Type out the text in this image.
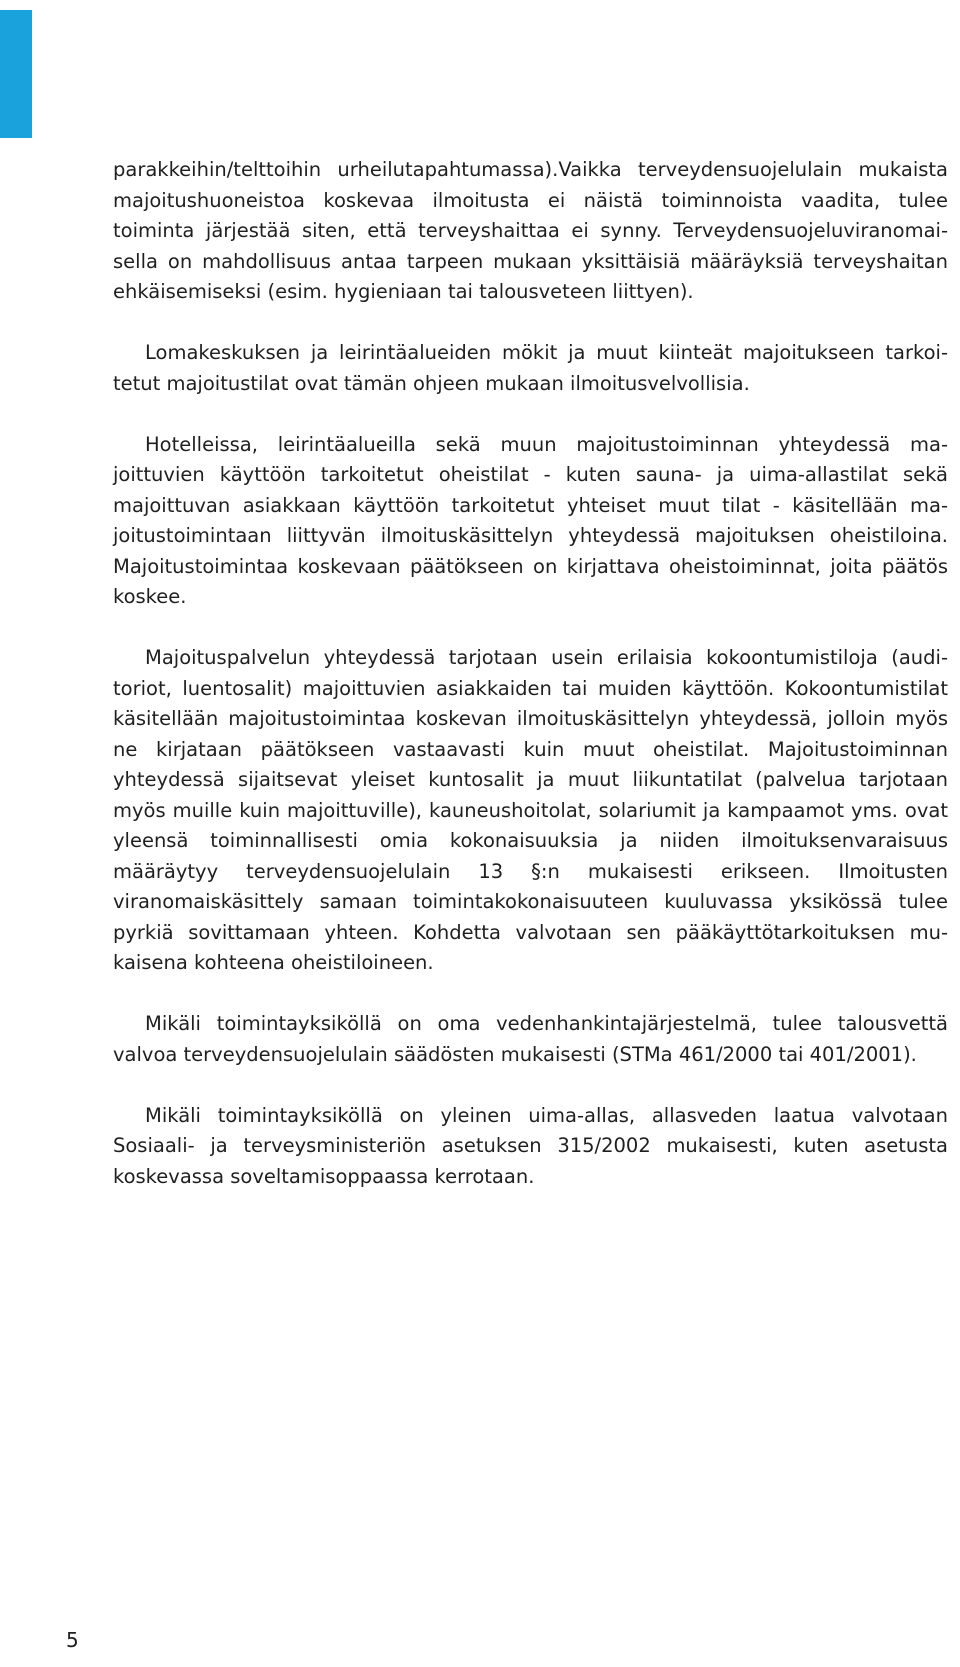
parakkeihin/telttoihin urheilutapahtumassa).Vaikka terveydensuojelulain mukaista majoitushuoneistoa koskevaa ilmoitusta ei näistä toiminnoista vaadita, tulee toiminta järjestää siten, että terveyshaittaa ei synny. Terveydensuojeluviranomaisella on mahdollisuus antaa tarpeen mukaan yksittäisiä määräyksiä terveyshaitan ehkäisemiseksi (esim. hygieniaan tai talousveteen liittyen).

Lomakeskuksen ja leirintäalueiden mökit ja muut kiinteät majoitukseen tarkoitetut majoitustilat ovat tämän ohjeen mukaan ilmoitusvelvollisia.

Hotelleissa, leirintäalueilla sekä muun majoitustoiminnan yhteydessä majoittuvien käyttöön tarkoitetut oheistilat - kuten sauna- ja uima-allastilat sekä majoittuvan asiakkaan käyttöön tarkoitetut yhteiset muut tilat - käsitellään majoitustoimintaan liittyvän ilmoituskäsittelyn yhteydessä majoituksen oheistiloina. Majoitustoimintaa koskevaan päätökseen on kirjattava oheistoiminnat, joita päätös koskee.

Majoituspalvelun yhteydessä tarjotaan usein erilaisia kokoontumistiloja (auditoriot, luentosalit) majoittuvien asiakkaiden tai muiden käyttöön. Kokoontumistilat käsitellään majoitustoimintaa koskevan ilmoituskäsittelyn yhteydessä, jolloin myös ne kirjataan päätökseen vastaavasti kuin muut oheistilat. Majoitustoiminnan yhteydessä sijaitsevat yleiset kuntosalit ja muut liikuntatilat (palvelua tarjotaan myös muille kuin majoittuville), kauneushoitolat, solariumit ja kampaamot yms. ovat yleensä toiminnallisesti omia kokonaisuuksia ja niiden ilmoituksenvaraisuus määräytyy terveydensuojelulain 13 §:n mukaisesti erikseen. Ilmoitusten viranomaiskäsittely samaan toimintakokonaisuuteen kuuluvassa yksikössä tulee pyrkiä sovittamaan yhteen. Kohdetta valvotaan sen pääkäyttötarkoituksen mukaisena kohteena oheistiloineen.

Mikäli toimintayksiköllä on oma vedenhankintajärjestelmä, tulee talousvettä valvoa terveydensuojelulain säädösten mukaisesti (STMa 461/2000 tai 401/2001).

Mikäli toimintayksiköllä on yleinen uima-allas, allasveden laatua valvotaan Sosiaali- ja terveysministeriön asetuksen 315/2002 mukaisesti, kuten asetusta koskevassa soveltamisoppaassa kerrotaan.

5
